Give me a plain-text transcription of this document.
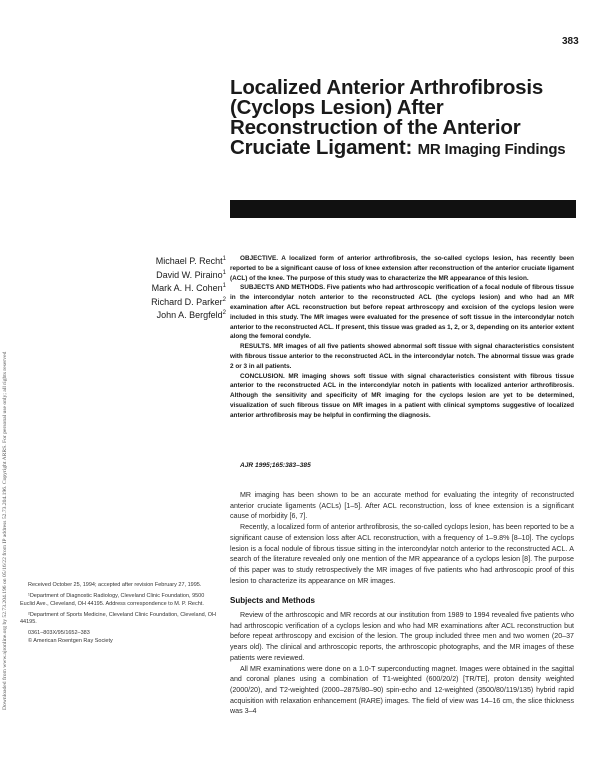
383
Downloaded from www.ajronline.org by 52.73.204.196 on 05/16/22 from IP address 52.73.204.196. Copyright ARRS. For personal use only; all rights reserved
Localized Anterior Arthrofibrosis (Cyclops Lesion) After Reconstruction of the Anterior Cruciate Ligament: MR Imaging Findings
Michael P. Recht$^1$
David W. Piraino$^1$
Mark A. H. Cohen$^1$
Richard D. Parker$^2$
John A. Bergfeld$^2$

OBJECTIVE. A localized form of anterior arthrofibrosis, the so-called cyclops lesion, has recently been reported to be a significant cause of loss of knee extension after reconstruction of the anterior cruciate ligament (ACL) of the knee. The purpose of this study was to characterize the MR appearance of this lesion.

SUBJECTS AND METHODS. Five patients who had arthroscopic verification of a focal nodule of fibrous tissue in the intercondylar notch anterior to the reconstructed ACL (the cyclops lesion) and who had an MR examination after ACL reconstruction but before repeat arthroscopy and excision of the cyclops lesion were included in this study. The MR images were evaluated for the presence of soft tissue in the intercondylar notch anterior to the reconstructed ACL. If present, this tissue was graded as 1, 2, or 3, depending on its anterior extent along the femoral condyle.

RESULTS. MR images of all five patients showed abnormal soft tissue with signal characteristics consistent with fibrous tissue anterior to the reconstructed ACL in the intercondylar notch. The abnormal tissue was grade 2 or 3 in all patients.

CONCLUSION. MR imaging shows soft tissue with signal characteristics consistent with fibrous tissue anterior to the reconstructed ACL in the intercondylar notch in patients with localized anterior arthrofibrosis. Although the sensitivity and specificity of MR imaging for the cyclops lesion are yet to be determined, visualization of such fibrous tissue on MR images in a patient with clinical symptoms suggestive of localized anterior arthrofibrosis may be helpful in confirming the diagnosis.

AJR 1995;165:383–385

MR imaging has been shown to be an accurate method for evaluating the integrity of reconstructed anterior cruciate ligaments (ACLs) [1–5]. After ACL reconstruction, loss of knee extension is a significant cause of morbidity [6, 7].

Recently, a localized form of anterior arthrofibrosis, the so-called cyclops lesion, has been reported to be a significant cause of extension loss after ACL reconstruction, with a frequency of 1–9.8% [8–10]. The cyclops lesion is a focal nodule of fibrous tissue sitting in the intercondylar notch anterior to the reconstructed ACL. A search of the literature revealed only one mention of the MR appearance of a cyclops lesion [8]. The purpose of this paper was to study retrospectively the MR images of five patients who had arthroscopic proof of this lesion to characterize its appearance on MR images.

Subjects and Methods

Review of the arthroscopic and MR records at our institution from 1989 to 1994 revealed five patients who had arthroscopic verification of a cyclops lesion and who had MR examinations after ACL reconstruction but before repeat arthroscopy and excision of the lesion. The group included three men and two women (20–37 years old). The clinical and arthroscopic reports, the arthroscopic photographs, and the MR images of these patients were reviewed.

All MR examinations were done on a 1.0-T superconducting magnet. Images were obtained in the sagittal and coronal planes using a combination of T1-weighted (600/20/2) [TR/TE], proton density weighted (2000/20), and T2-weighted (2000–2875/80–90) spin-echo and 12-weighted (3500/80/119/135) hybrid rapid acquisition with relaxation enhancement (RARE) images. The field of view was 14–16 cm, the slice thickness was 3–4

Received October 25, 1994; accepted after revision February 27, 1995.

¹Department of Diagnostic Radiology, Cleveland Clinic Foundation, 9500 Euclid Ave., Cleveland, OH 44195. Address correspondence to M. P. Recht.

²Department of Sports Medicine, Cleveland Clinic Foundation, Cleveland, OH 44195.

0361–803X/95/1652–383

© American Roentgen Ray Society
